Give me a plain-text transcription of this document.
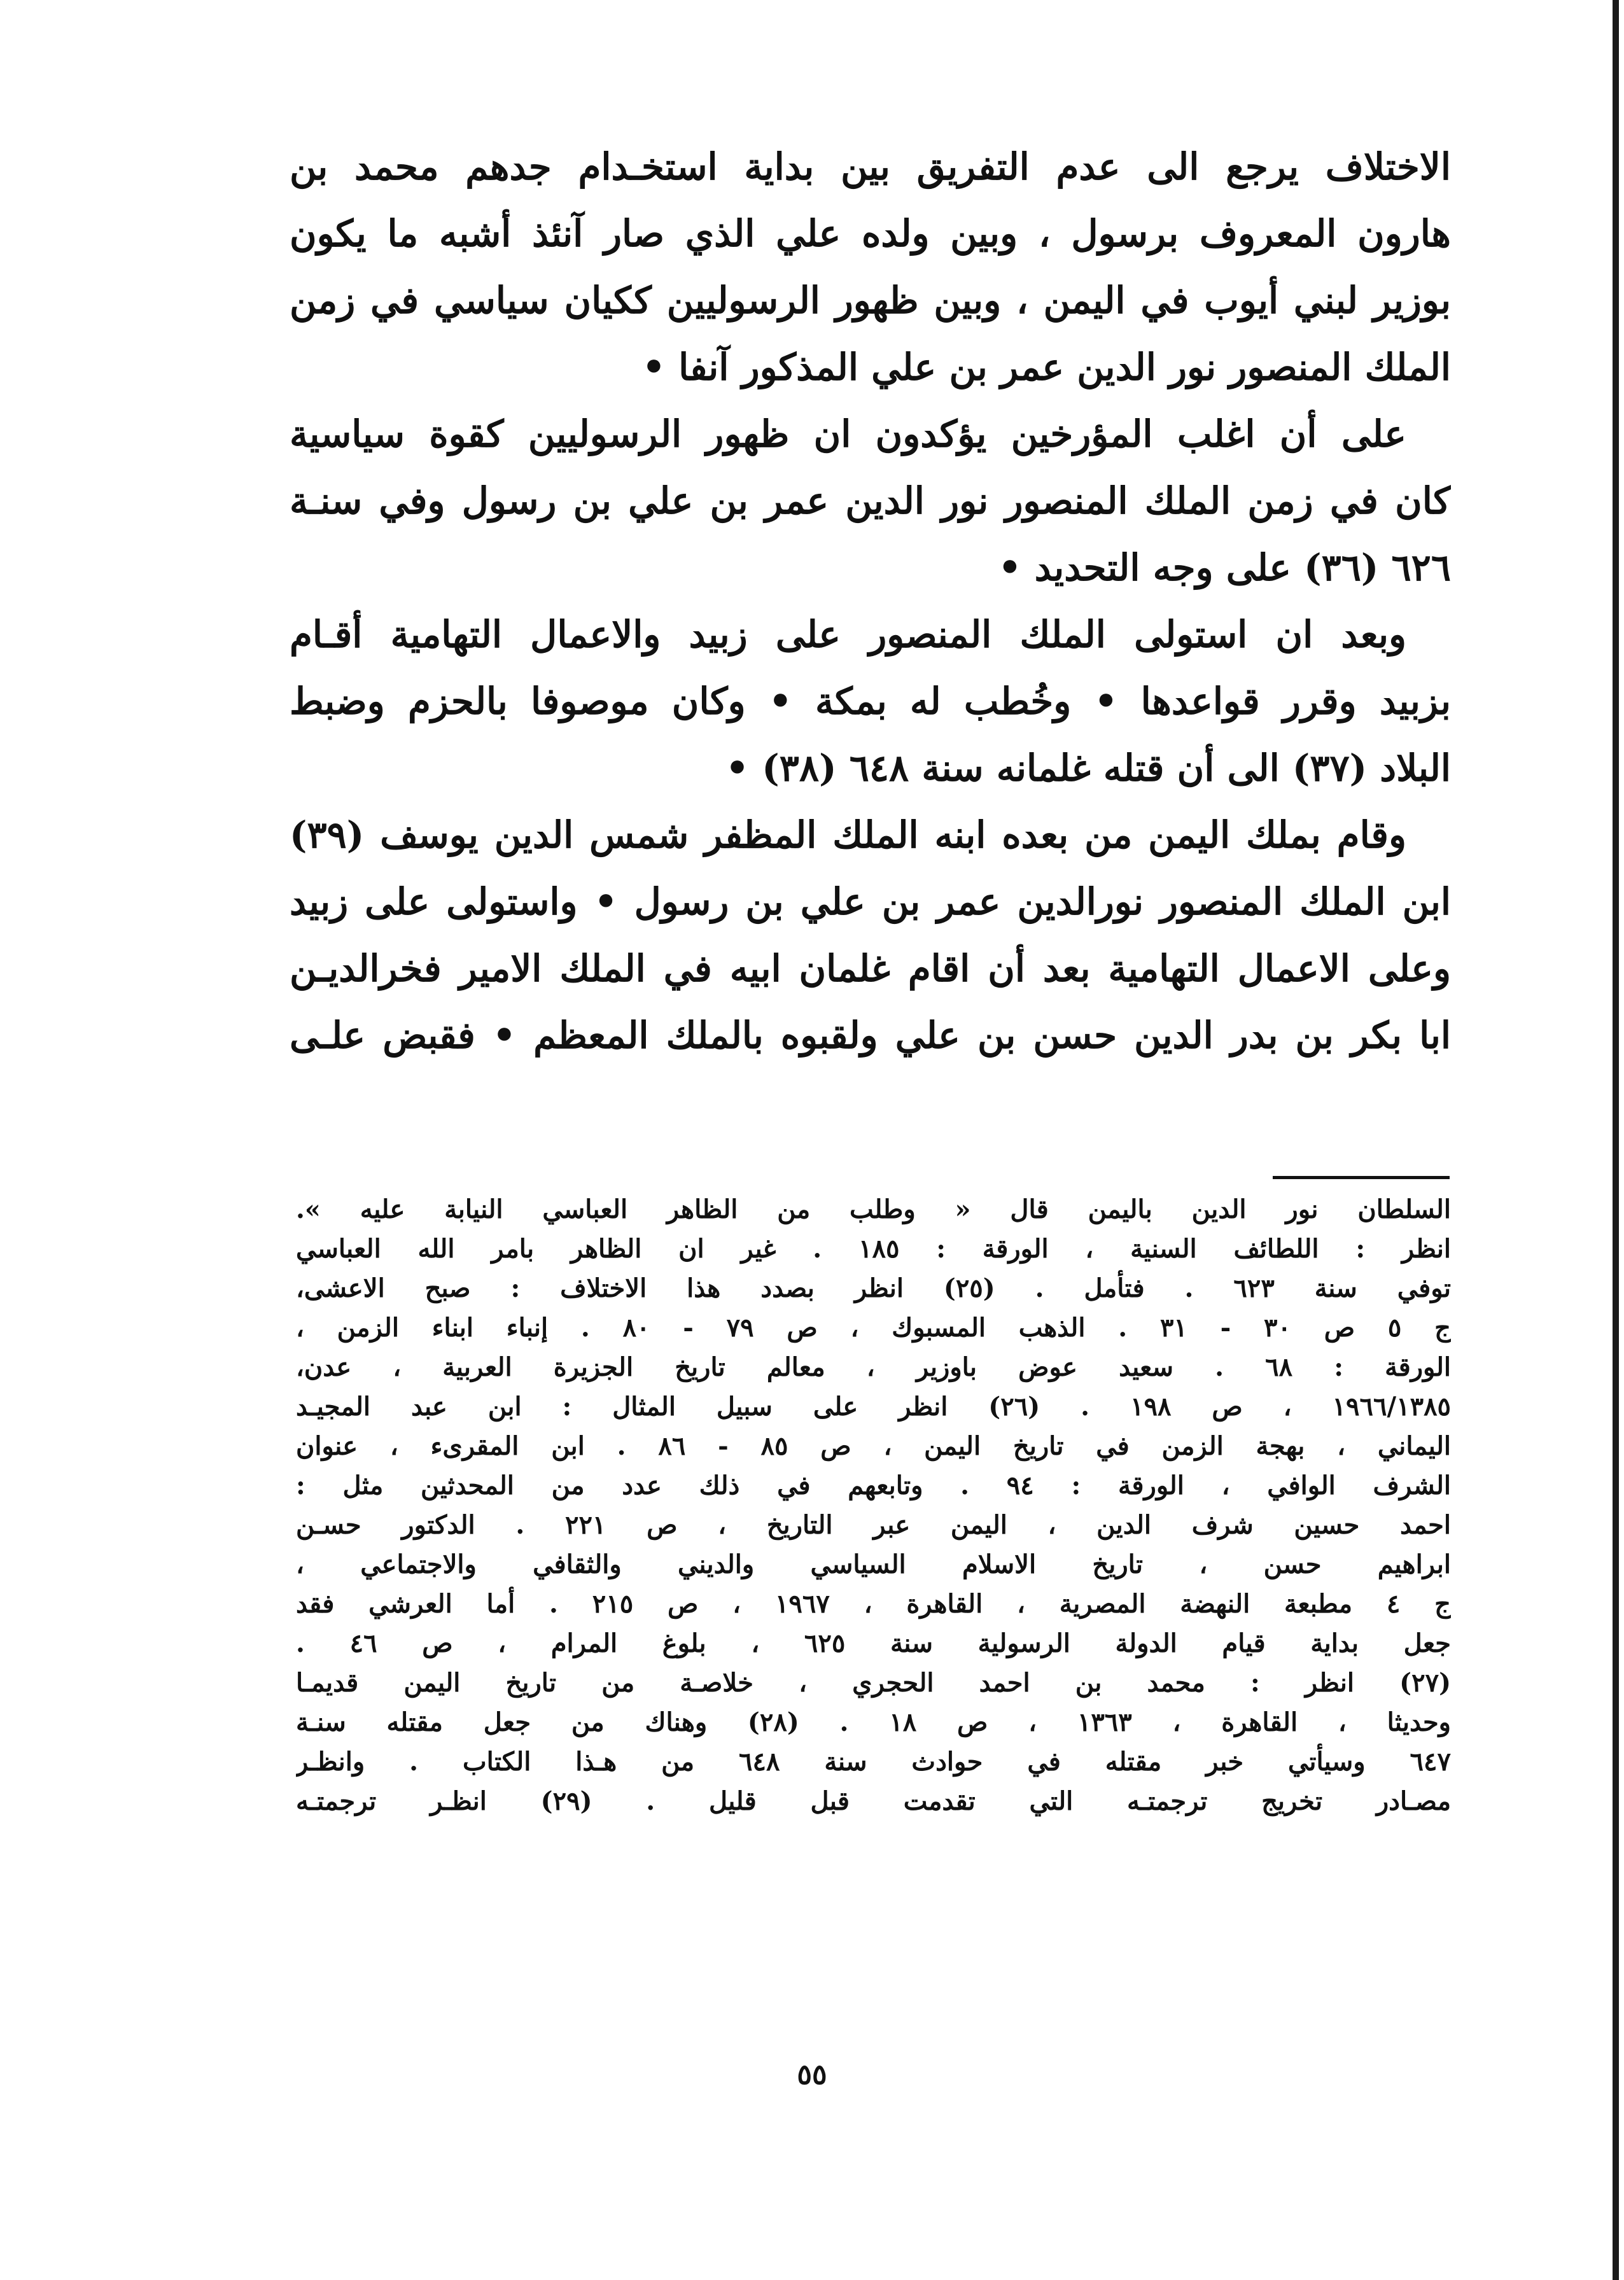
الاختلاف يرجع الى عدم التفريق بين بداية استخـدام جدهم محمد بن
هارون المعروف برسول ، وبين ولده علي الذي صار آنئذ أشبه ما يكون
بوزير لبني أيوب في اليمن ، وبين ظهور الرسوليين ككيان سياسي في زمن
الملك المنصور نور الدين عمر بن علي المذكور آنفا •
على أن اغلب المؤرخين يؤكدون ان ظهور الرسوليين كقوة سياسية
كان في زمن الملك المنصور نور الدين عمر بن علي بن رسول وفي سنـة
٦٢٦ (٣٦) على وجه التحديد •
وبعد ان استولى الملك المنصور على زبيد والاعمال التهامية أقـام
بزبيد وقرر قواعدها • وخُطب له بمكة • وكان موصوفا بالحزم وضبط
البلاد (٣٧) الى أن قتله غلمانه سنة ٦٤٨ (٣٨) •
وقام بملك اليمن من بعده ابنه الملك المظفر شمس الدين يوسف (٣٩)
ابن الملك المنصور نورالدين عمر بن علي بن رسول • واستولى على زبيد
وعلى الاعمال التهامية بعد أن اقام غلمان ابيه في الملك الامير فخرالديـن
ابا بكر بن بدر الدين حسن بن علي ولقبوه بالملك المعظم • فقبض علـى
السلطان نور الدين باليمن قال « وطلب من الظاهر العباسي النيابة عليه ».
انظر : اللطائف السنية ، الورقة : ١٨٥ . غير ان الظاهر بامر الله العباسي
توفي سنة ٦٢٣ . فتأمل . (٢٥) انظر بصدد هذا الاختلاف : صبح الاعشى،
ج ٥ ص ٣٠ - ٣١ . الذهب المسبوك ، ص ٧٩ - ٨٠ . إنباء ابناء الزمن ،
الورقة : ٦٨ . سعيد عوض باوزير ، معالم تاريخ الجزيرة العربية ، عدن،
١٩٦٦/١٣٨٥ ، ص ١٩٨ . (٢٦) انظر على سبيل المثال : ابن عبد المجيـد
اليماني ، بهجة الزمن في تاريخ اليمن ، ص ٨٥ - ٨٦ . ابن المقرىء ، عنوان
الشرف الوافي ، الورقة : ٩٤ . وتابعهم في ذلك عدد من المحدثين مثل :
احمد حسين شرف الدين ، اليمن عبر التاريخ ، ص ٢٢١ . الدكتور حسـن
ابراهيم حسن ، تاريخ الاسلام السياسي والديني والثقافي والاجتماعي ،
ج ٤ مطبعة النهضة المصرية ، القاهرة ، ١٩٦٧ ، ص ٢١٥ . أما العرشي فقد
جعل بداية قيام الدولة الرسولية سنة ٦٢٥ ، بلوغ المرام ، ص ٤٦ .
(٢٧) انظر : محمد بن احمد الحجري ، خلاصـة من تاريخ اليمن قديمـا
وحديثا ، القاهرة ، ١٣٦٣ ، ص ١٨ . (٢٨) وهناك من جعل مقتله سنـة
٦٤٧ وسيأتي خبر مقتله في حوادث سنة ٦٤٨ من هـذا الكتاب . وانظـر
مصـادر تخريج ترجمتـه التي تقدمت قبل قليل . (٢٩) انظـر ترجمتـه
٥٥
